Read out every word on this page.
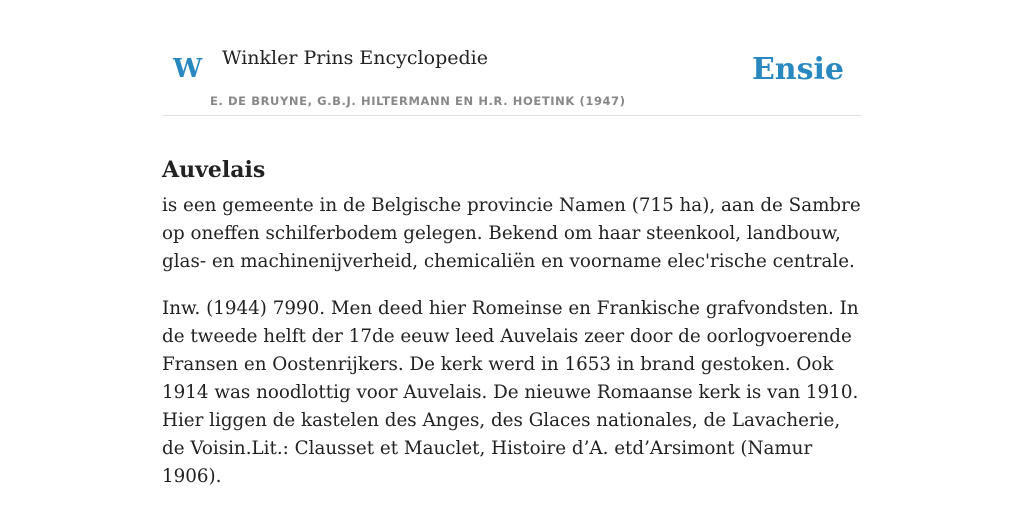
W Winkler Prins Encyclopedie	Ensie
E. DE BRUYNE, G.B.J. HILTERMANN EN H.R. HOETINK (1947)
Auvelais

is een gemeente in de Belgische provincie Namen (715 ha), aan de Sambre op oneffen schilferbodem gelegen. Bekend om haar steenkool, landbouw, glas- en machinenijverheid, chemicaliën en voorname elec'rische centrale.

Inw. (1944) 7990. Men deed hier Romeinse en Frankische grafvondsten. In de tweede helft der 17de eeuw leed Auvelais zeer door de oorlogvoerende Fransen en Oostenrijkers. De kerk werd in 1653 in brand gestoken. Ook 1914 was noodlottig voor Auvelais. De nieuwe Romaanse kerk is van 1910. Hier liggen de kastelen des Anges, des Glaces nationales, de Lavacherie, de Voisin.Lit.: Clausset et Mauclet, Histoire d’A. etd’Arsimont (Namur 1906).
